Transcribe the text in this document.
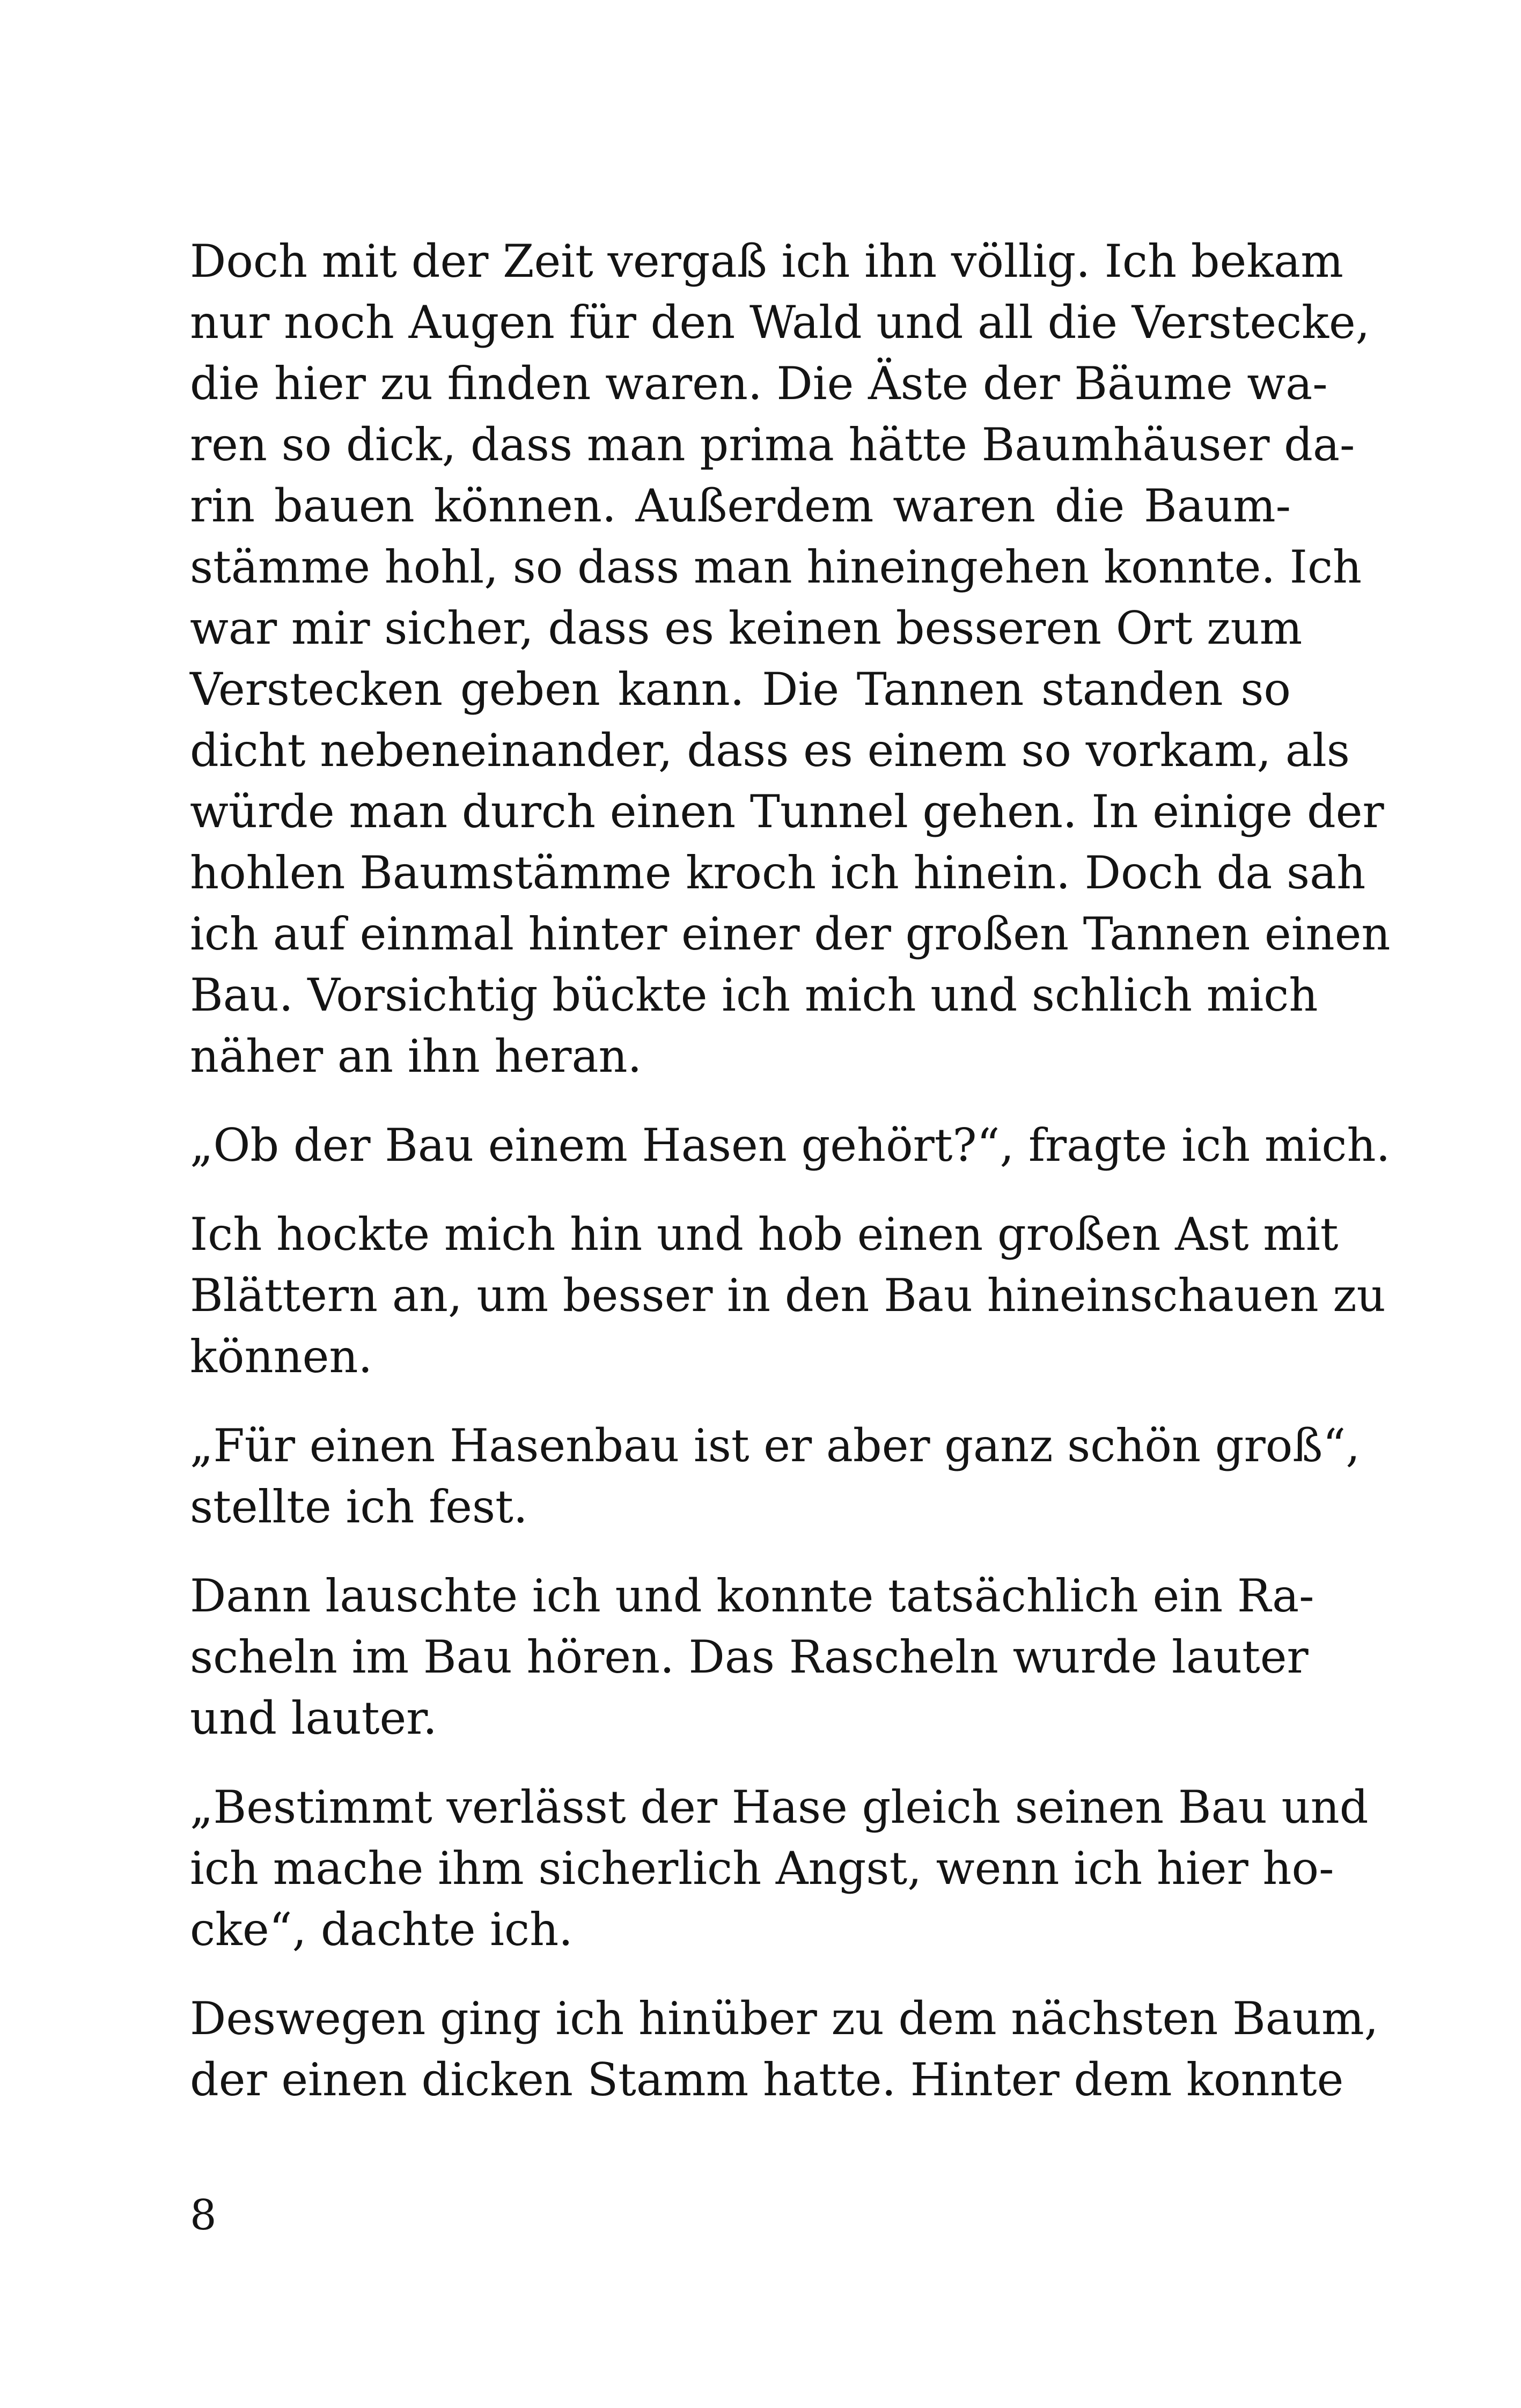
Doch mit der Zeit vergaß ich ihn völlig. Ich bekam
nur noch Augen für den Wald und all die Verstecke,
die hier zu finden waren. Die Äste der Bäume wa-
ren so dick, dass man prima hätte Baumhäuser da-
rin bauen können. Außerdem waren die Baum-
stämme hohl, so dass man hineingehen konnte. Ich
war mir sicher, dass es keinen besseren Ort zum
Verstecken geben kann. Die Tannen standen so
dicht nebeneinander, dass es einem so vorkam, als
würde man durch einen Tunnel gehen. In einige der
hohlen Baumstämme kroch ich hinein. Doch da sah
ich auf einmal hinter einer der großen Tannen einen
Bau. Vorsichtig bückte ich mich und schlich mich
näher an ihn heran.
„Ob der Bau einem Hasen gehört?“, fragte ich mich.
Ich hockte mich hin und hob einen großen Ast mit
Blättern an, um besser in den Bau hineinschauen zu
können.
„Für einen Hasenbau ist er aber ganz schön groß“,
stellte ich fest.
Dann lauschte ich und konnte tatsächlich ein Ra-
scheln im Bau hören. Das Rascheln wurde lauter
und lauter.
„Bestimmt verlässt der Hase gleich seinen Bau und
ich mache ihm sicherlich Angst, wenn ich hier ho-
cke“, dachte ich.
Deswegen ging ich hinüber zu dem nächsten Baum,
der einen dicken Stamm hatte. Hinter dem konnte
8
